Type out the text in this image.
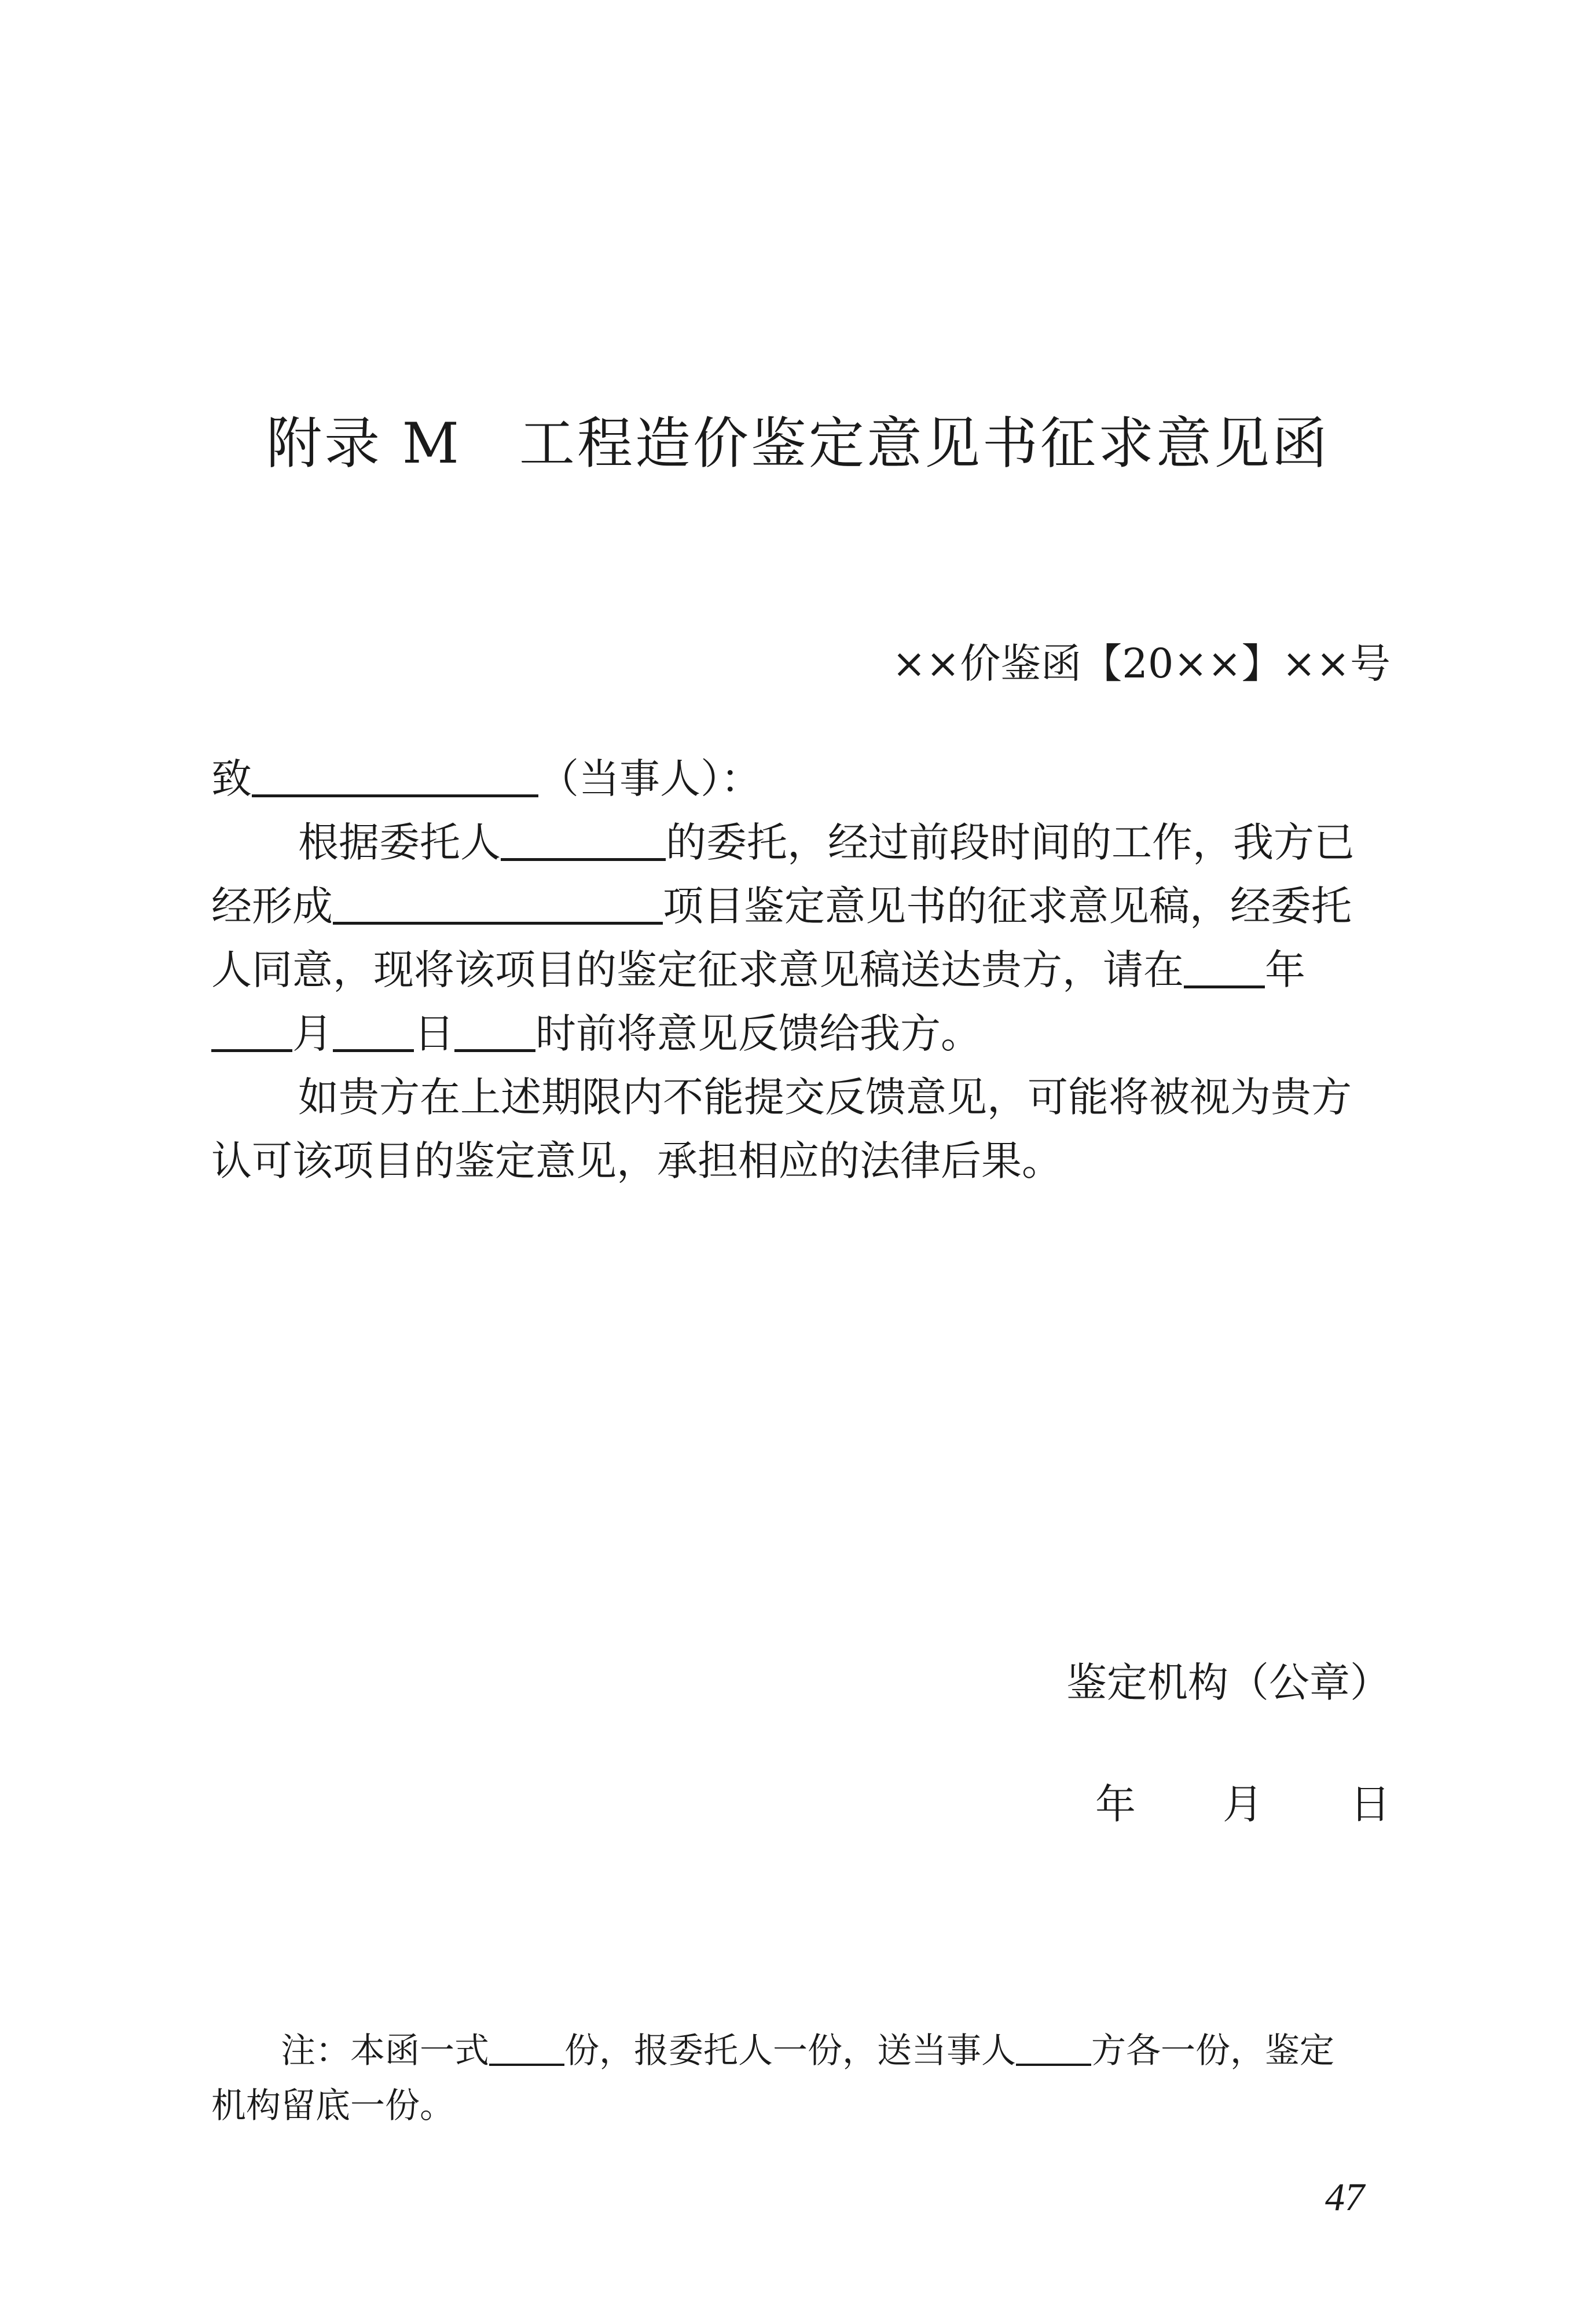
附录 M 工程造价鉴定意见书征求意见函
××价鉴函【20××】××号
致	（当事人）：
根据委托人	的委托，经过前段时间的工作，我方已
经形成	项目鉴定意见书的征求意见稿，经委托
人同意，现将该项目的鉴定征求意见稿送达贵方，请在 年
月 日 时前将意见反馈给我方。
如贵方在上述期限内不能提交反馈意见，可能将被视为贵方
认可该项目的鉴定意见，承担相应的法律后果。
鉴定机构（公章）
年 月 日
注：本函一式 份，报委托人一份，送当事人 方各一份，鉴定
机构留底一份。
47
